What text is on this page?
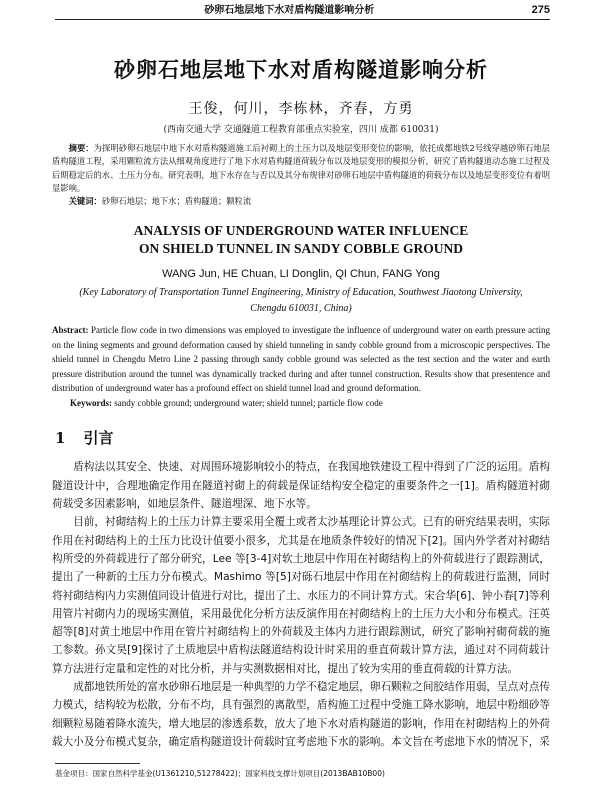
砂卵石地层地下水对盾构隧道影响分析	275
砂卵石地层地下水对盾构隧道影响分析
王俊，何川，李栋林，齐春，方勇
(西南交通大学 交通隧道工程教育部重点实验室，四川 成都 610031)

摘要：为探明砂卵石地层中地下水对盾构隧道施工后衬砌上的土压力以及地层变形变位的影响，依托成都地铁2号线穿越砂卵石地层盾构隧道工程，采用颗粒流方法从细观角度进行了地下水对盾构隧道荷载分布以及地层变形的模拟分析，研究了盾构隧道动态施工过程及后期稳定后的水、土压力分布。研究表明，地下水存在与否以及其分布规律对砂卵石地层中盾构隧道的荷载分布以及地层变形变位有着明显影响。

关键词：砂卵石地层；地下水；盾构隧道；颗粒流

ANALYSIS OF UNDERGROUND WATER INFLUENCE
ON SHIELD TUNNEL IN SANDY COBBLE GROUND
WANG Jun, HE Chuan, LI Donglin, QI Chun, FANG Yong
(Key Laboratory of Transportation Tunnel Engineering, Ministry of Education, Southwest Jiaotong University,
Chengdu 610031, China)

Abstract: Particle flow code in two dimensions was employed to investigate the influence of underground water on earth pressure acting on the lining segments and ground deformation caused by shield tunneling in sandy cobble ground from a microscopic perspectives. The shield tunnel in Chengdu Metro Line 2 passing through sandy cobble ground was selected as the test section and the water and earth pressure distribution around the tunnel was dynamically tracked during and after tunnel construction. Results show that presentence and distribution of underground water has a profound effect on shield tunnel load and ground deformation.

Keywords: sandy cobble ground; underground water; shield tunnel; particle flow code

1 引言

盾构法以其安全、快速、对周围环境影响较小的特点，在我国地铁建设工程中得到了广泛的运用。盾构隧道设计中，合理地确定作用在隧道衬砌上的荷载是保证结构安全稳定的重要条件之一[1]。盾构隧道衬砌荷载受多因素影响，如地层条件、隧道埋深、地下水等。

目前，衬砌结构上的土压力计算主要采用全覆土或者太沙基理论计算公式。已有的研究结果表明，实际作用在衬砌结构上的土压力比设计值要小很多，尤其是在地质条件较好的情况下[2]。国内外学者对衬砌结构所受的外荷载进行了部分研究，Lee 等[3-4]对软土地层中作用在衬砌结构上的外荷载进行了跟踪测试，提出了一种新的土压力分布模式。Mashimo 等[5]对砾石地层中作用在衬砌结构上的荷载进行监测，同时将衬砌结构内力实测值同设计值进行对比，提出了土、水压力的不同计算方式。宋合华[6]、钟小春[7]等利用管片衬砌内力的现场实测值，采用最优化分析方法反演作用在衬砌结构上的土压力大小和分布模式。汪英超等[8]对黄土地层中作用在管片衬砌结构上的外荷载及主体内力进行跟踪测试，研究了影响衬砌荷载的施工参数。孙文昊[9]探讨了土质地层中盾构法隧道结构设计时采用的垂直荷载计算方法，通过对不同荷载计算方法进行定量和定性的对比分析，并与实测数据相对比，提出了较为实用的垂直荷载的计算方法。

成都地铁所处的富水砂卵石地层是一种典型的力学不稳定地层，卵石颗粒之间胶结作用弱，呈点对点传力模式，结构较为松散，分布不均，具有强烈的离散型，盾构施工过程中受施工降水影响，地层中粉细砂等细颗粒易随着降水流失，增大地层的渗透系数，放大了地下水对盾构隧道的影响，作用在衬砌结构上的外荷载大小及分布模式复杂，确定盾构隧道设计荷载时宜考虑地下水的影响。本文旨在考虑地下水的情况下，采

基金项目：国家自然科学基金(U1361210,51278422)；国家科技支撑计划项目(2013BAB10B00)
